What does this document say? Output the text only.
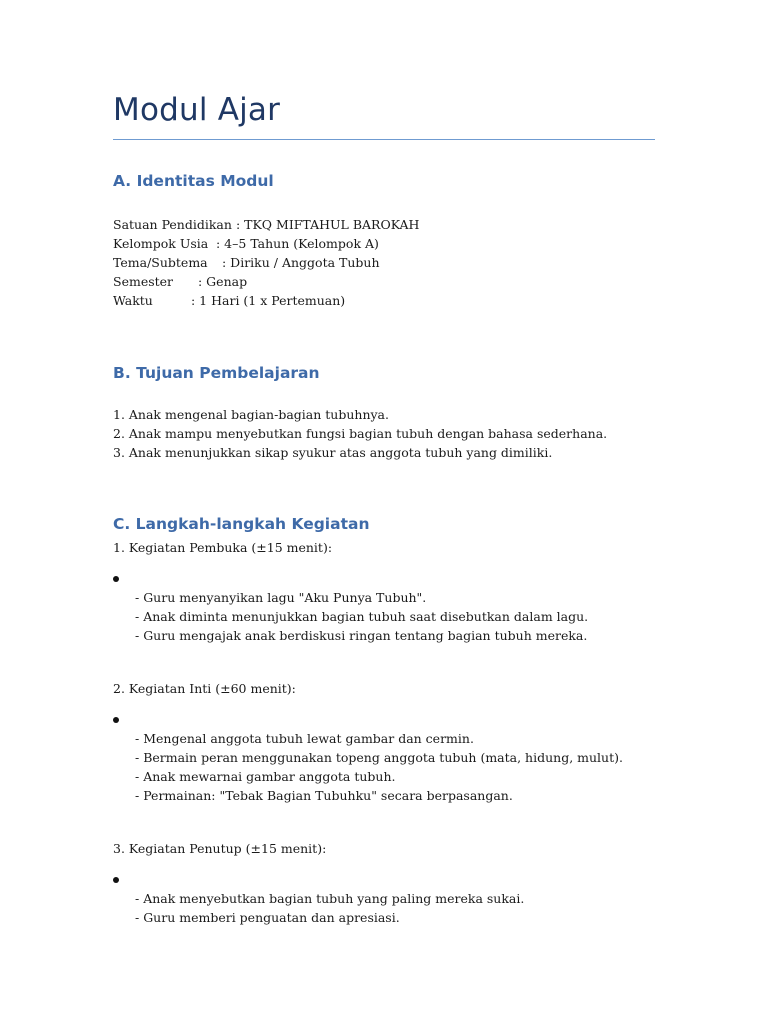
Modul Ajar
A. Identitas Modul
Satuan Pendidikan : TKQ MIFTAHUL BAROKAH
Kelompok Usia : 4–5 Tahun (Kelompok A)
Tema/Subtema : Diriku / Anggota Tubuh
Semester : Genap
Waktu	: 1 Hari (1 x Pertemuan)
B. Tujuan Pembelajaran
1. Anak mengenal bagian-bagian tubuhnya.
2. Anak mampu menyebutkan fungsi bagian tubuh dengan bahasa sederhana.
3. Anak menunjukkan sikap syukur atas anggota tubuh yang dimiliki.
C. Langkah-langkah Kegiatan
1. Kegiatan Pembuka (±15 menit):
- Guru menyanyikan lagu "Aku Punya Tubuh".
- Anak diminta menunjukkan bagian tubuh saat disebutkan dalam lagu.
- Guru mengajak anak berdiskusi ringan tentang bagian tubuh mereka.
2. Kegiatan Inti (±60 menit):
- Mengenal anggota tubuh lewat gambar dan cermin.
- Bermain peran menggunakan topeng anggota tubuh (mata, hidung, mulut).
- Anak mewarnai gambar anggota tubuh.
- Permainan: "Tebak Bagian Tubuhku" secara berpasangan.
3. Kegiatan Penutup (±15 menit):
- Anak menyebutkan bagian tubuh yang paling mereka sukai.
- Guru memberi penguatan dan apresiasi.
